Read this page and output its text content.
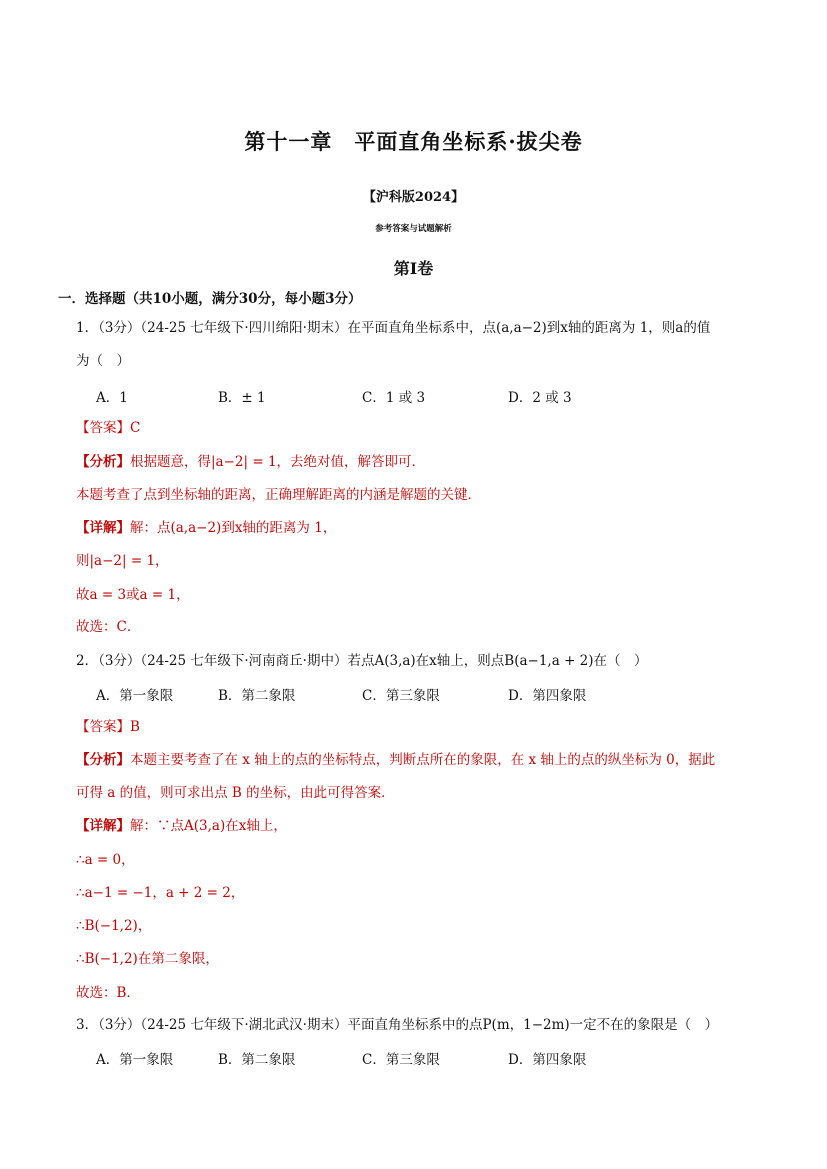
第十一章　平面直角坐标系·拔尖卷
【沪科版2024】
参考答案与试题解析
第I卷
一．选择题（共10小题，满分30分，每小题3分）
1．（3分）（24-25 七年级下·四川绵阳·期末）在平面直角坐标系中，点(a,a−2)到x轴的距离为 1，则a的值
为（　）
A．1	B．± 1	C．1 或 3	D．2 或 3
【答案】C
【分析】根据题意，得|a−2| = 1，去绝对值，解答即可．
本题考查了点到坐标轴的距离，正确理解距离的内涵是解题的关键．
【详解】解：点(a,a−2)到x轴的距离为 1，
则|a−2| = 1，
故a = 3或a = 1，
故选：C．
2．（3分）（24-25 七年级下·河南商丘·期中）若点A(3,a)在x轴上，则点B(a−1,a + 2)在（　）
A．第一象限	B．第二象限	C．第三象限	D．第四象限
【答案】B
【分析】本题主要考查了在 x 轴上的点的坐标特点，判断点所在的象限，在 x 轴上的点的纵坐标为 0，据此
可得 a 的值，则可求出点 B 的坐标，由此可得答案．
【详解】解：∵点A(3,a)在x轴上，
∴a = 0，
∴a−1 = −1，a + 2 = 2，
∴B(−1,2)，
∴B(−1,2)在第二象限，
故选：B．
3．（3分）（24-25 七年级下·湖北武汉·期末）平面直角坐标系中的点P(m，1−2m)一定不在的象限是（　）
A．第一象限	B．第二象限	C．第三象限	D．第四象限
